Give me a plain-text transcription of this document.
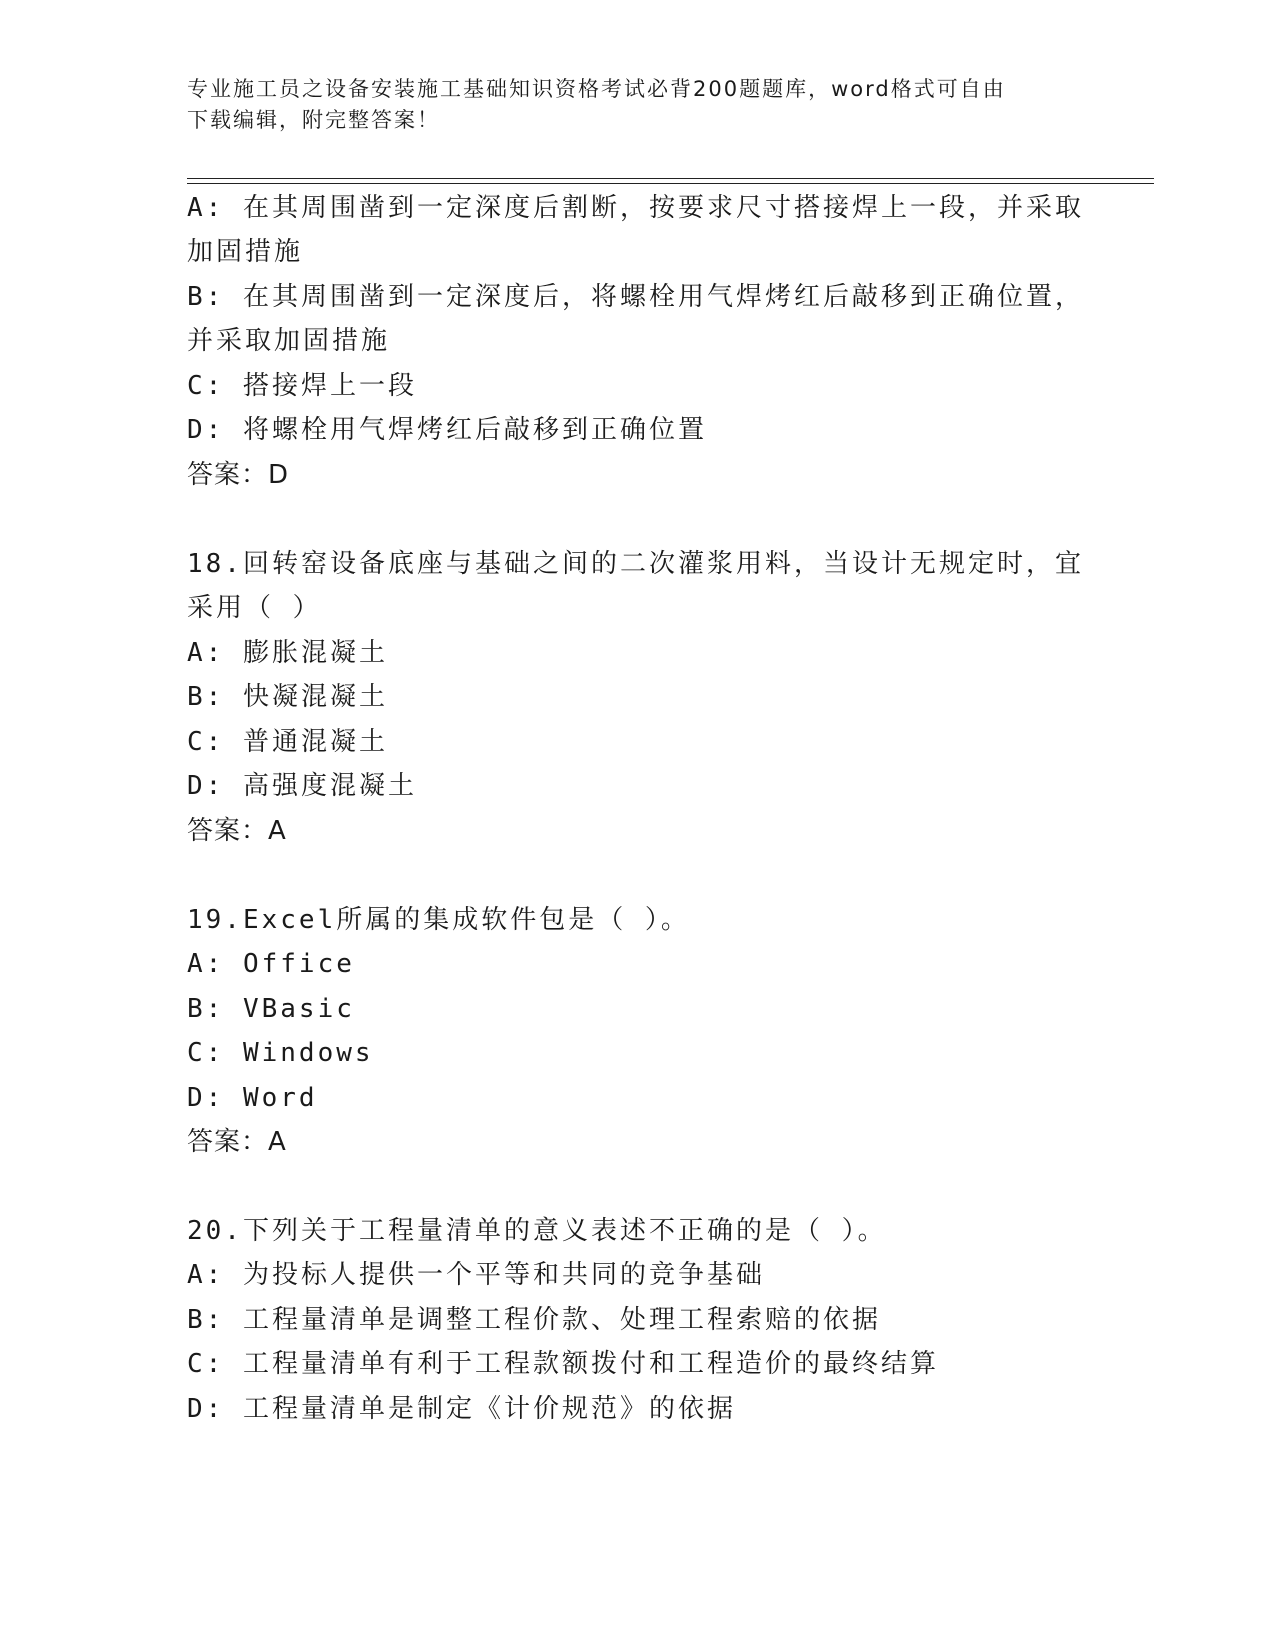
专业施工员之设备安装施工基础知识资格考试必背200题题库，word格式可自由
下载编辑，附完整答案！
A: 在其周围凿到一定深度后割断，按要求尺寸搭接焊上一段，并采取
加固措施
B: 在其周围凿到一定深度后，将螺栓用气焊烤红后敲移到正确位置，
并采取加固措施
C: 搭接焊上一段
D: 将螺栓用气焊烤红后敲移到正确位置
答案：D
18.回转窑设备底座与基础之间的二次灌浆用料，当设计无规定时，宜
采用（ ）
A: 膨胀混凝土
B: 快凝混凝土
C: 普通混凝土
D: 高强度混凝土
答案：A
19.Excel所属的集成软件包是（ ）。
A: Office
B: VBasic
C: Windows
D: Word
答案：A
20.下列关于工程量清单的意义表述不正确的是（ ）。
A: 为投标人提供一个平等和共同的竞争基础
B: 工程量清单是调整工程价款、处理工程索赔的依据
C: 工程量清单有利于工程款额拨付和工程造价的最终结算
D: 工程量清单是制定《计价规范》的依据
